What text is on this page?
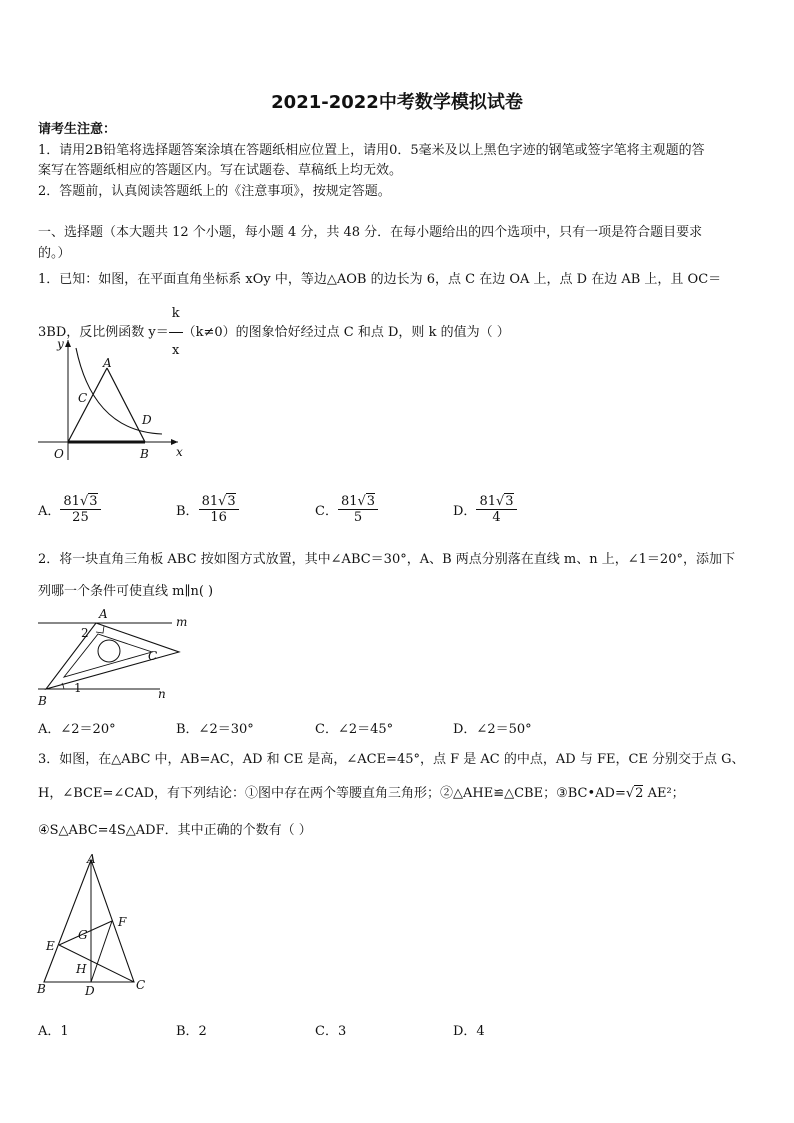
2021-2022中考数学模拟试卷
请考生注意：
1．请用2B铅笔将选择题答案涂填在答题纸相应位置上，请用0．5毫米及以上黑色字迹的钢笔或签字笔将主观题的答
案写在答题纸相应的答题区内。写在试题卷、草稿纸上均无效。
2．答题前，认真阅读答题纸上的《注意事项》，按规定答题。
一、选择题（本大题共 12 个小题，每小题 4 分，共 48 分．在每小题给出的四个选项中，只有一项是符合题目要求
的。）
1．已知：如图，在平面直角坐标系 xOy 中，等边△AOB 的边长为 6，点 C 在边 OA 上，点 D 在边 AB 上，且 OC＝
3BD，反比例函数 $y= \frac{k}{x} (k\ne 0)$的图象恰好经过点 C 和点 D，则 k 的值为（ ）
y
A
C
D
O	B x
A． $\frac{81√3}{25}$	B． $\frac{81√3}{16}$	C． $\frac{81√3}{5}$	D． $\frac{81√3}{4}$
2．将一块直角三角板 ABC 按如图方式放置，其中∠ABC＝30°，A、B 两点分别落在直线 m、n 上，∠1＝20°，添加下
列哪一个条件可使直线 m∥n( )
A
m
2
C
1
B	n
A．∠2＝20°	B．∠2＝30°	C．∠2＝45°	D．∠2＝50°
3．如图，在△ABC 中，AB=AC，AD 和 CE 是高，∠ACE=45°，点 F 是 AC 的中点，AD 与 FE，CE 分别交于点 G、
H，∠BCE=∠CAD，有下列结论：①图中存在两个等腰直角三角形；②△AHE≌△CBE；③BC•AD=√2 AE²；
④S△ABC=4S△ADF．其中正确的个数有（ ）
A
F
E
G
H
B	D	C
A．1	B．2	C．3	D．4
